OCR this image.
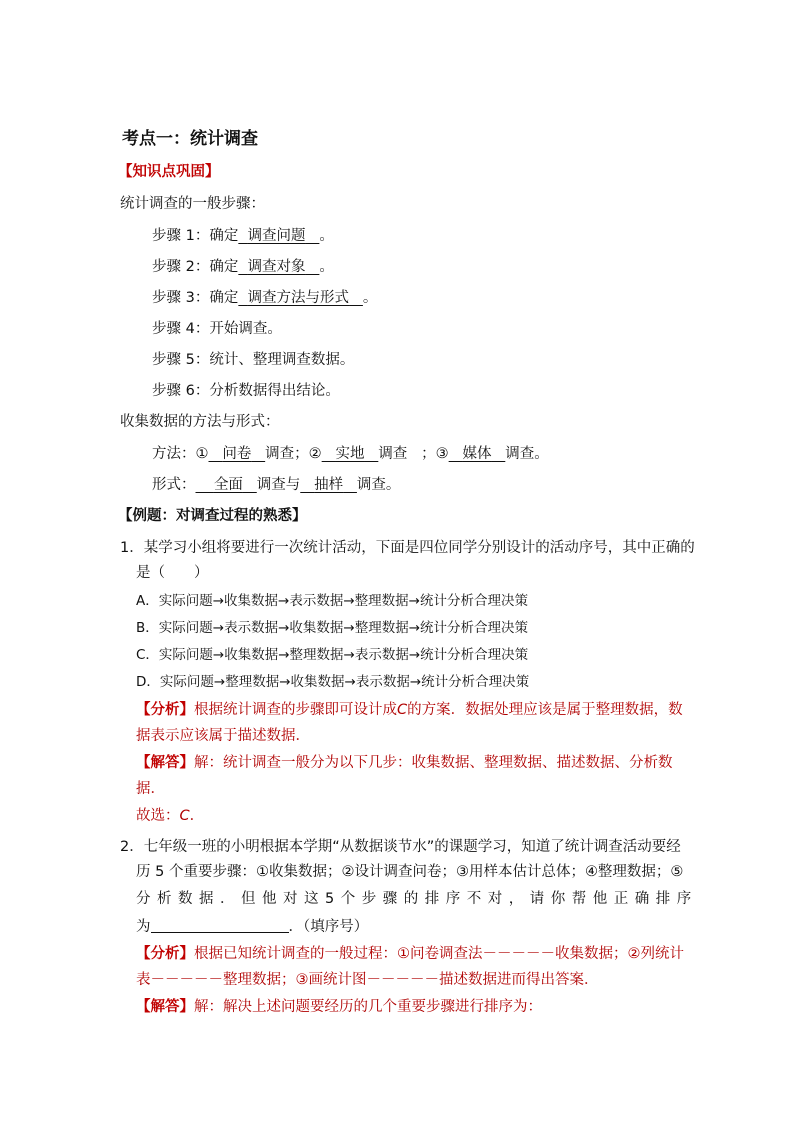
考点一：统计调查
【知识点巩固】
统计调查的一般步骤：
步骤 1：确定 调查问题 。
步骤 2：确定 调查对象 。
步骤 3：确定 调查方法与形式 。
步骤 4：开始调查。
步骤 5：统计、整理调查数据。
步骤 6：分析数据得出结论。
收集数据的方法与形式：
方法：① 问卷 调查；② 实地 调查 ；③ 媒体 调查。
形式： 全面 调查与 抽样 调查。
【例题：对调查过程的熟悉】
1．某学习小组将要进行一次统计活动，下面是四位同学分别设计的活动序号，其中正确的
是（　　）
A．实际问题→收集数据→表示数据→整理数据→统计分析合理决策
B．实际问题→表示数据→收集数据→整理数据→统计分析合理决策
C．实际问题→收集数据→整理数据→表示数据→统计分析合理决策
D．实际问题→整理数据→收集数据→表示数据→统计分析合理决策
【分析】根据统计调查的步骤即可设计成C的方案．数据处理应该是属于整理数据，数
据表示应该属于描述数据．
【解答】解：统计调查一般分为以下几步：收集数据、整理数据、描述数据、分析数
据．
故选：C．
2．七年级一班的小明根据本学期“从数据谈节水”的课题学习，知道了统计调查活动要经
历 5 个重要步骤：①收集数据；②设计调查问卷；③用样本估计总体；④整理数据；⑤
分析数据．但他对这5个步骤的排序不对，请你帮他正确排序
为	．（填序号）
【分析】根据已知统计调查的一般过程：①问卷调查法－－－－－收集数据；②列统计
表－－－－－整理数据；③画统计图－－－－－描述数据进而得出答案．
【解答】解：解决上述问题要经历的几个重要步骤进行排序为：
